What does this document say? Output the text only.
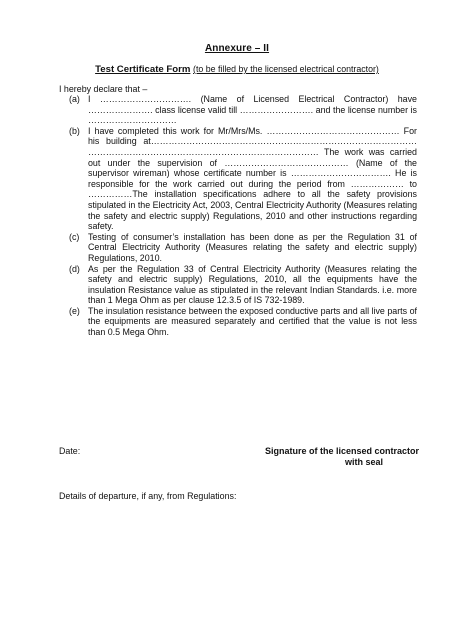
Annexure – II
Test Certificate Form (to be filled by the licensed electrical contractor)
I hereby declare that –
(a) I …………………………. (Name of Licensed Electrical Contractor) have …………………. class license valid till ……………………. and the license number is …………………………
(b) I have completed this work for Mr/Mrs/Ms. ……………………………………… For his building at……………………………………………………………………………… …………………………………………………………………… The work was carried out under the supervision of …………………………………… (Name of the supervisor wireman) whose certificate number is ……………………………. He is responsible for the work carried out during the period from ……………… to ……………The installation specifications adhere to all the safety provisions stipulated in the Electricity Act, 2003, Central Electricity Authority (Measures relating the safety and electric supply) Regulations, 2010 and other instructions regarding safety.
(c) Testing of consumer’s installation has been done as per the Regulation 31 of Central Electricity Authority (Measures relating the safety and electric supply) Regulations, 2010.
(d) As per the Regulation 33 of Central Electricity Authority (Measures relating the safety and electric supply) Regulations, 2010, all the equipments have the insulation Resistance value as stipulated in the relevant Indian Standards. i.e. more than 1 Mega Ohm as per clause 12.3.5 of IS 732-1989.
(e) The insulation resistance between the exposed conductive parts and all live parts of the equipments are measured separately and certified that the value is not less than 0.5 Mega Ohm.
Date:	Signature of the licensed contractor
with seal
Details of departure, if any, from Regulations:
